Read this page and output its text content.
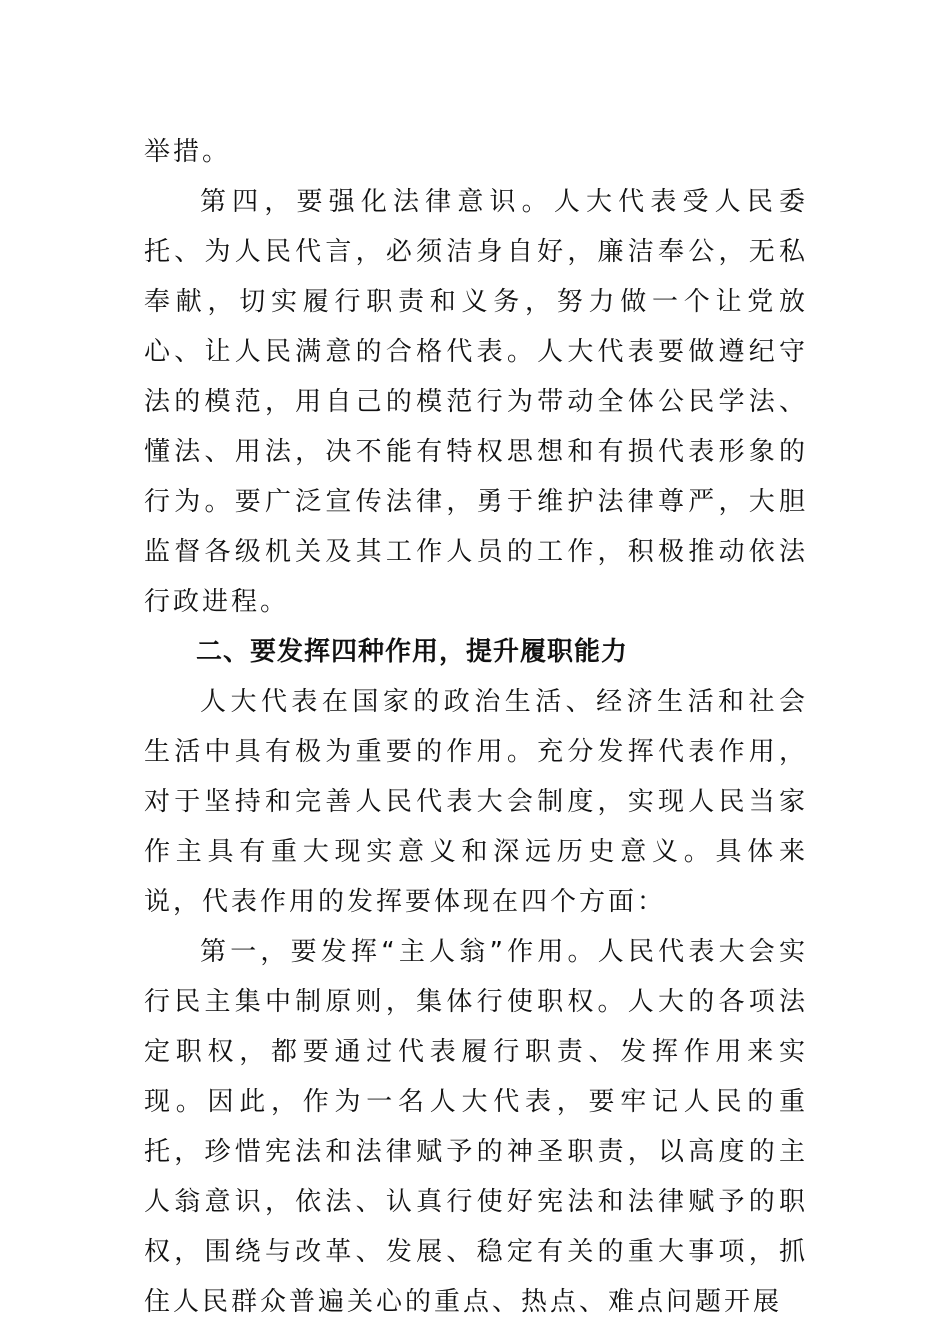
举措。

第四，要强化法律意识。人大代表受人民委托、为人民代言，必须洁身自好，廉洁奉公，无私奉献，切实履行职责和义务，努力做一个让党放心、让人民满意的合格代表。人大代表要做遵纪守法的模范，用自己的模范行为带动全体公民学法、懂法、用法，决不能有特权思想和有损代表形象的行为。要广泛宣传法律，勇于维护法律尊严，大胆监督各级机关及其工作人员的工作，积极推动依法行政进程。

二、要发挥四种作用，提升履职能力

人大代表在国家的政治生活、经济生活和社会生活中具有极为重要的作用。充分发挥代表作用，对于坚持和完善人民代表大会制度，实现人民当家作主具有重大现实意义和深远历史意义。具体来说，代表作用的发挥要体现在四个方面：

第一，要发挥“主人翁”作用。人民代表大会实行民主集中制原则，集体行使职权。人大的各项法定职权，都要通过代表履行职责、发挥作用来实现。因此，作为一名人大代表，要牢记人民的重托，珍惜宪法和法律赋予的神圣职责，以高度的主人翁意识，依法、认真行使好宪法和法律赋予的职权，围绕与改革、发展、稳定有关的重大事项，抓住人民群众普遍关心的重点、热点、难点问题开展
